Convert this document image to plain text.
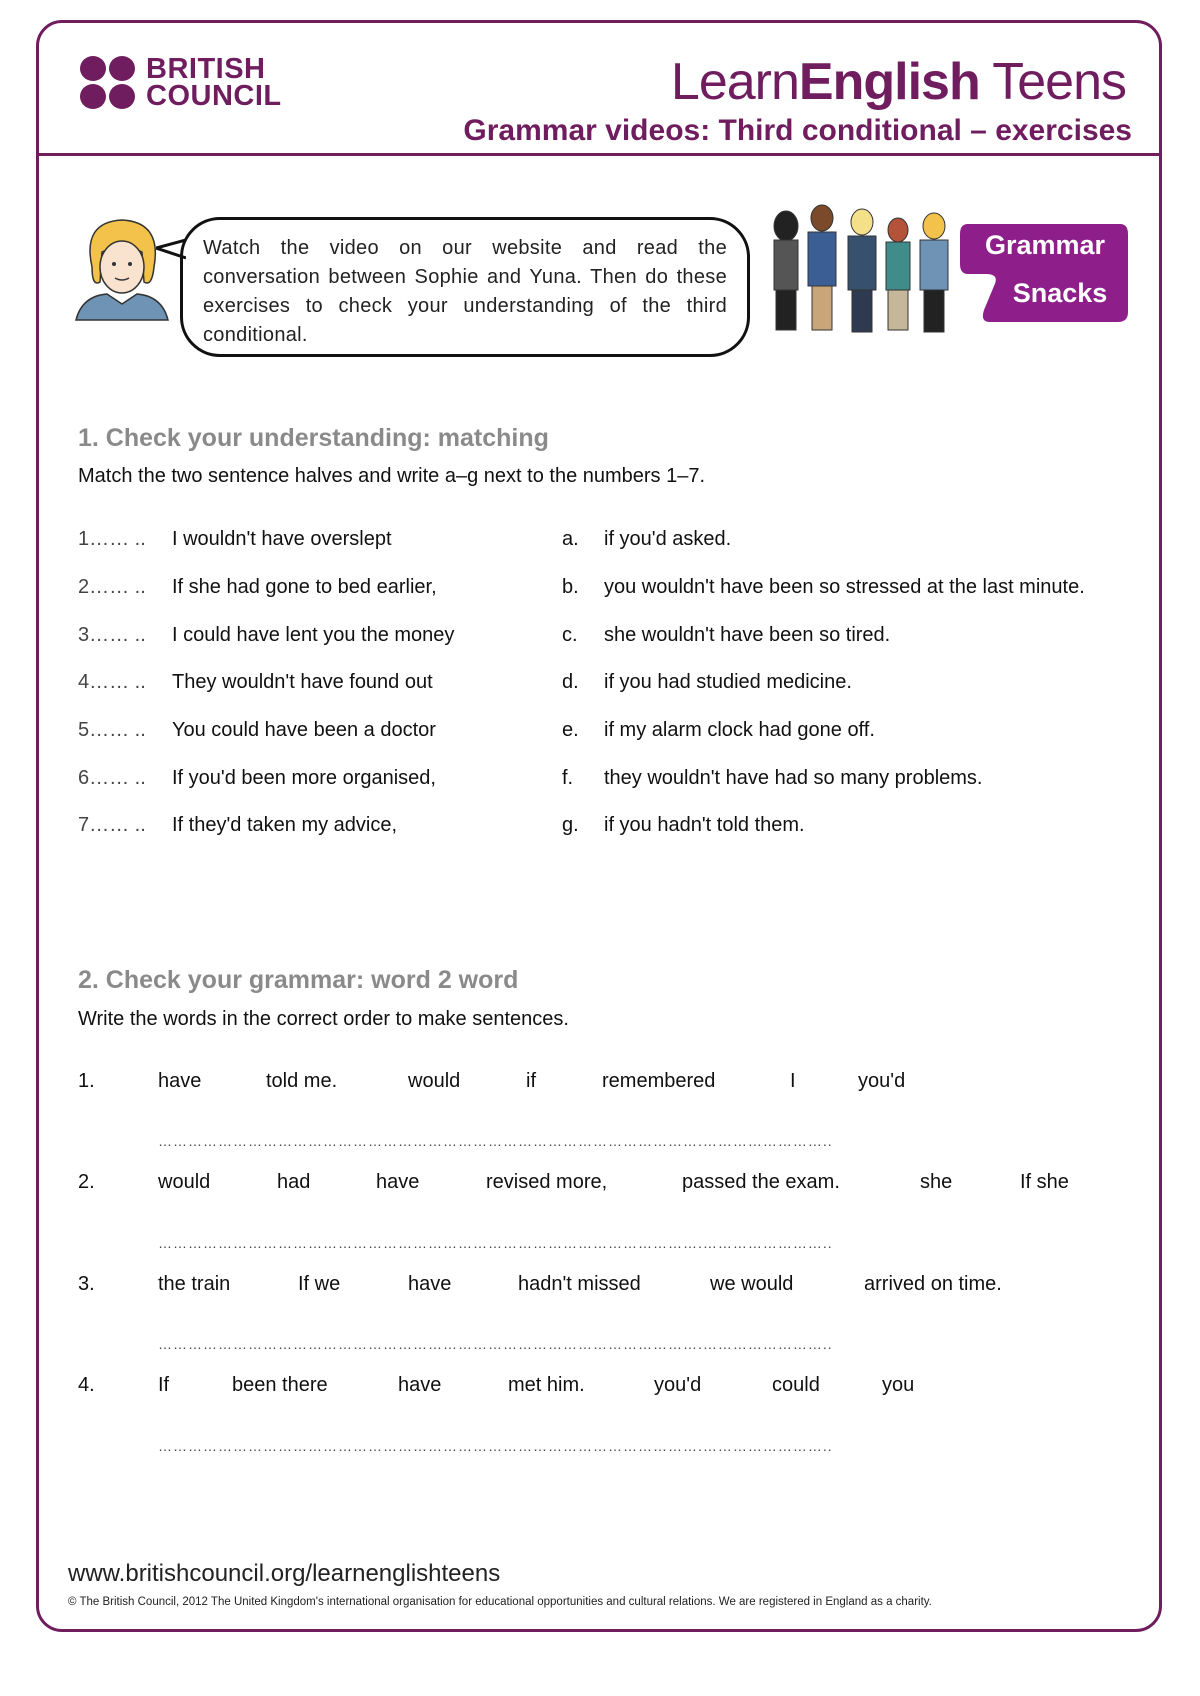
BRITISH
COUNCIL	LearnEnglish Teens
Grammar videos: Third conditional – exercises
Watch the video on our website and read the conversation between Sophie and Yuna. Then do these exercises to check your understanding of the third conditional.
Grammar
Snacks
1. Check your understanding: matching
Match the two sentence halves and write a–g next to the numbers 1–7.
1…… .. I wouldn't have overslept	a. if you'd asked.
2…… .. If she had gone to bed earlier,	b. you wouldn't have been so stressed at the last minute.
3…… .. I could have lent you the money	c. she wouldn't have been so tired.
4…… .. They wouldn't have found out	d. if you had studied medicine.
5…… .. You could have been a doctor	e. if my alarm clock had gone off.
6…… .. If you'd been more organised,	f. they wouldn't have had so many problems.
7…… .. If they'd taken my advice,	g. if you hadn't told them.
2. Check your grammar: word 2 word
Write the words in the correct order to make sentences.
1.	have	told me.	would	if	remembered	I	you'd
……………………………………………………………………………………………….……………………..
2.	would	had	have	revised more,	passed the exam.	she	If she
……………………………………………………………………………………………….……………………..
3.	the train	If we	have	hadn't missed	we would	arrived on time.
……………………………………………………………………………………………….……………………..
4.	If	been there	have	met him.	you'd	could	you
……………………………………………………………………………………………….……………………..
www.britishcouncil.org/learnenglishteens
© The British Council, 2012 The United Kingdom's international organisation for educational opportunities and cultural relations. We are registered in England as a charity.
